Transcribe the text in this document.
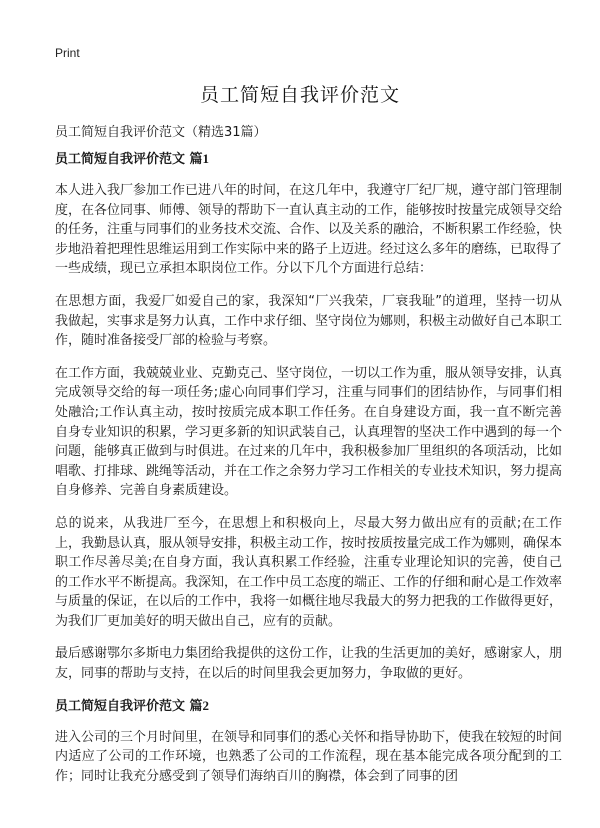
Print
员工简短自我评价范文
员工简短自我评价范文（精选31篇）
员工简短自我评价范文 篇1

本人进入我厂参加工作已进八年的时间，在这几年中，我遵守厂纪厂规，遵守部门管理制度，在各位同事、师傅、领导的帮助下一直认真主动的工作，能够按时按量完成领导交给的任务，注重与同事们的业务技术交流、合作、以及关系的融洽，不断积累工作经验，快步地沿着把理性思维运用到工作实际中来的路子上迈进。经过这么多年的磨练，已取得了一些成绩，现已立承担本职岗位工作。分以下几个方面进行总结：

在思想方面，我爱厂如爱自己的家，我深知“厂兴我荣，厂衰我耻”的道理，坚持一切从我做起，实事求是努力认真，工作中求仔细、坚守岗位为娜则，积极主动做好自己本职工作，随时准备接受厂部的检验与考察。

在工作方面，我兢兢业业、克勤克己、坚守岗位，一切以工作为重，服从领导安排，认真完成领导交给的每一项任务;虚心向同事们学习，注重与同事们的团结协作，与同事们相处融洽;工作认真主动，按时按质完成本职工作任务。在自身建设方面，我一直不断完善自身专业知识的积累，学习更多新的知识武装自己，认真理智的坚决工作中遇到的每一个问题，能够真正做到与时俱进。在过来的几年中，我积极参加厂里组织的各项活动，比如唱歌、打排球、跳绳等活动，并在工作之余努力学习工作相关的专业技术知识，努力提高自身修养、完善自身素质建设。

总的说来，从我进厂至今，在思想上和积极向上，尽最大努力做出应有的贡献;在工作上，我勤恳认真，服从领导安排，积极主动工作，按时按质按量完成工作为娜则，确保本职工作尽善尽美;在自身方面，我认真积累工作经验，注重专业理论知识的完善，使自己的工作水平不断提高。我深知，在工作中员工态度的端正、工作的仔细和耐心是工作效率与质量的保证，在以后的工作中，我将一如概往地尽我最大的努力把我的工作做得更好，为我们厂更加美好的明天做出自己，应有的贡献。

最后感谢鄂尔多斯电力集团给我提供的这份工作，让我的生活更加的美好，感谢家人，朋友，同事的帮助与支持，在以后的时间里我会更加努力，争取做的更好。

员工简短自我评价范文 篇2

进入公司的三个月时间里，在领导和同事们的悉心关怀和指导协助下，使我在较短的时间内适应了公司的工作环境，也熟悉了公司的工作流程，现在基本能完成各项分配到的工作；同时让我充分感受到了领导们海纳百川的胸襟，体会到了同事的团
